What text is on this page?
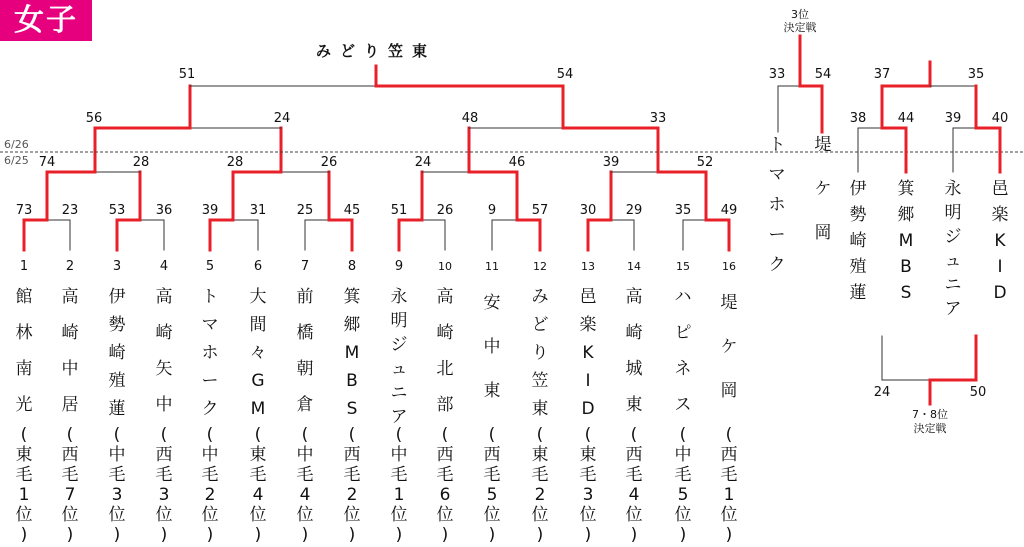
女子
6/26
6/25
みどり笠東
51	54
56	24	48	33
74	28	28	26	24	46	39	52
73 23 53 36 39 31 25 45 51 26	9	57 30 29 35 49
1	2	3	4	5	6	7	8	9	10	11	12	13	14	15	16
館林南光
(東毛 1 位)
高崎中居
(西毛 7 位)
伊勢崎殖蓮
(中毛 3 位)
高崎矢中
(西毛 3 位)
トマホーク
(中毛 2 位)
大間々 G M
(東毛 4 位)
前橋朝倉
(中毛 4 位)
箕郷 M B S
(西毛 2 位)
永明ジュニア
(中毛 1 位)
高崎北部
(西毛 6 位)
安中東
(西毛 5 位)
みどり笠東
(東毛 2 位)
邑楽 K I D
(東毛 3 位)
高崎城東
(西毛 4 位)
ハピネス
(中毛 5 位)
堤ケ岡
(西毛 1 位)
3位
決定戦
33 54
トマホーク
堤ケ岡
37	35
38 44 39 40
伊勢崎殖蓮
箕郷 M B S
永明ジュニア
邑楽 K I D
24	50
7・8位
決定戦
